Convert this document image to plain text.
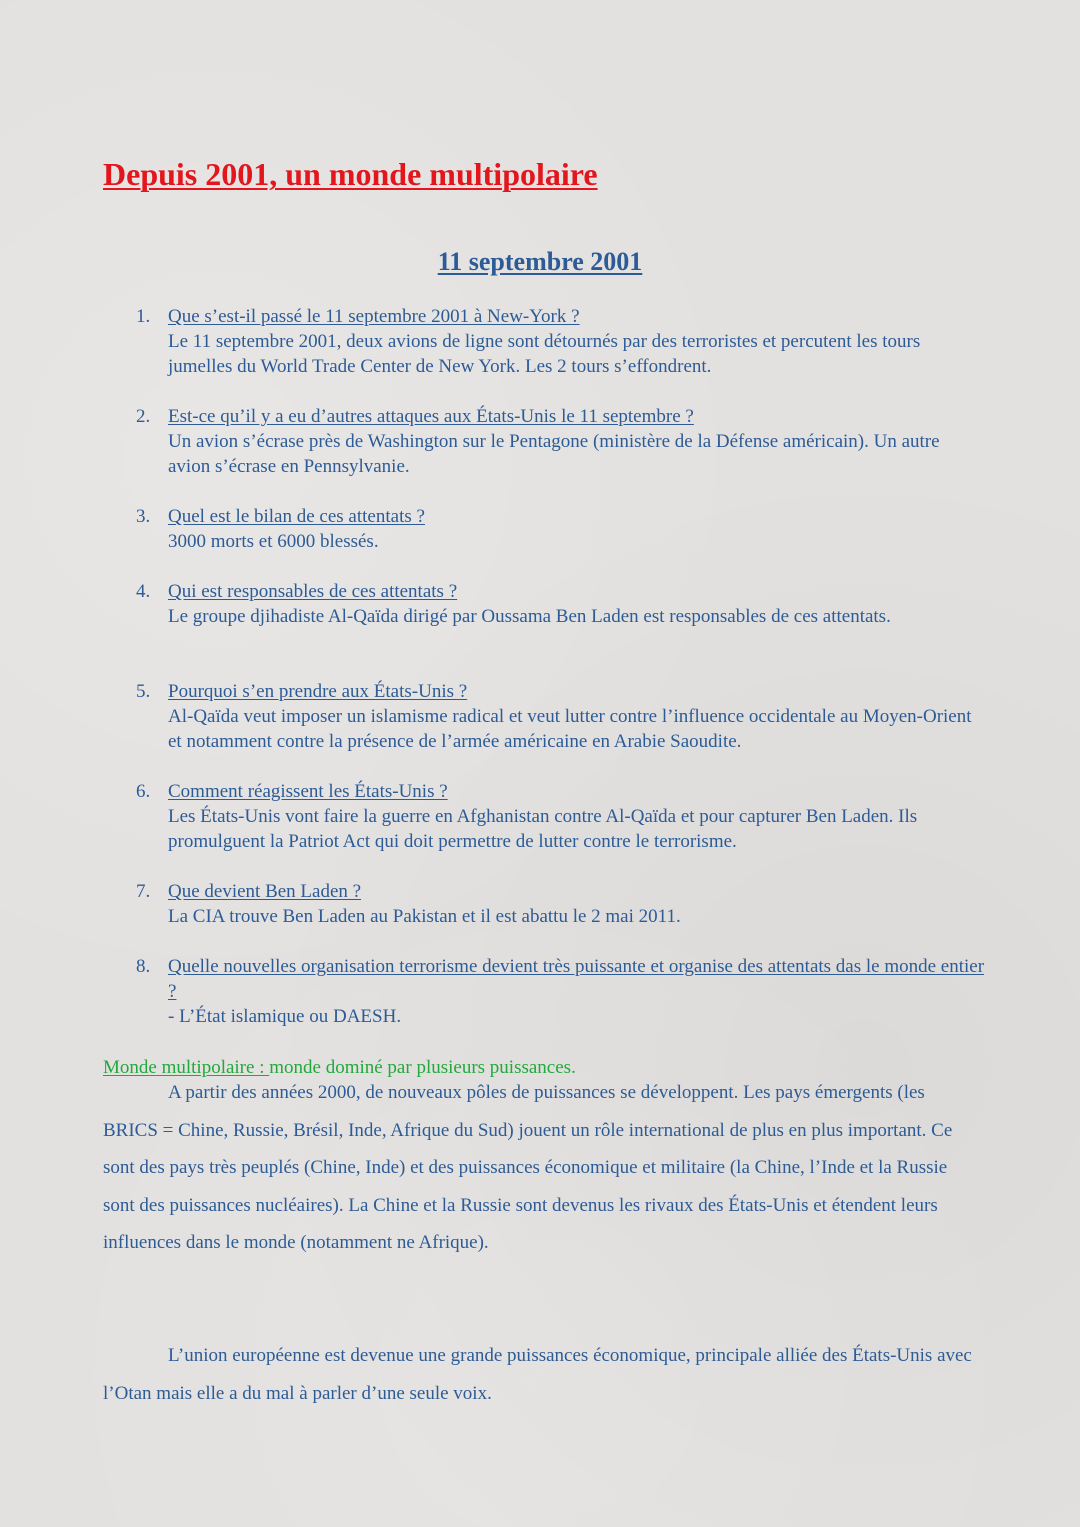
Depuis 2001, un monde multipolaire
11 septembre 2001
1. Que s’est-il passé le 11 septembre 2001 à New-York ?
Le 11 septembre 2001, deux avions de ligne sont détournés par des terroristes et percutent les tours jumelles du World Trade Center de New York. Les 2 tours s’effondrent.
2. Est-ce qu’il y a eu d’autres attaques aux États-Unis le 11 septembre ?
Un avion s’écrase près de Washington sur le Pentagone (ministère de la Défense américain). Un autre avion s’écrase en Pennsylvanie.
3. Quel est le bilan de ces attentats ?
3000 morts et 6000 blessés.
4. Qui est responsables de ces attentats ?
Le groupe djihadiste Al-Qaïda dirigé par Oussama Ben Laden est responsables de ces attentats.
5. Pourquoi s’en prendre aux États-Unis ?
Al-Qaïda veut imposer un islamisme radical et veut lutter contre l’influence occidentale au Moyen-Orient et notamment contre la présence de l’armée américaine en Arabie Saoudite.
6. Comment réagissent les États-Unis ?
Les États-Unis vont faire la guerre en Afghanistan contre Al-Qaïda et pour capturer Ben Laden. Ils promulguent la Patriot Act qui doit permettre de lutter contre le terrorisme.
7. Que devient Ben Laden ?
La CIA trouve Ben Laden au Pakistan et il est abattu le 2 mai 2011.
8. Quelle nouvelles organisation terrorisme devient très puissante et organise des attentats das le monde entier ?
- L’État islamique ou DAESH.
Monde multipolaire : monde dominé par plusieurs puissances.

A partir des années 2000, de nouveaux pôles de puissances se développent. Les pays émergents (les BRICS = Chine, Russie, Brésil, Inde, Afrique du Sud) jouent un rôle international de plus en plus important. Ce sont des pays très peuplés (Chine, Inde) et des puissances économique et militaire (la Chine, l’Inde et la Russie sont des puissances nucléaires). La Chine et la Russie sont devenus les rivaux des États-Unis et étendent leurs influences dans le monde (notamment ne Afrique).

L’union européenne est devenue une grande puissances économique, principale alliée des États-Unis avec l’Otan mais elle a du mal à parler d’une seule voix.
